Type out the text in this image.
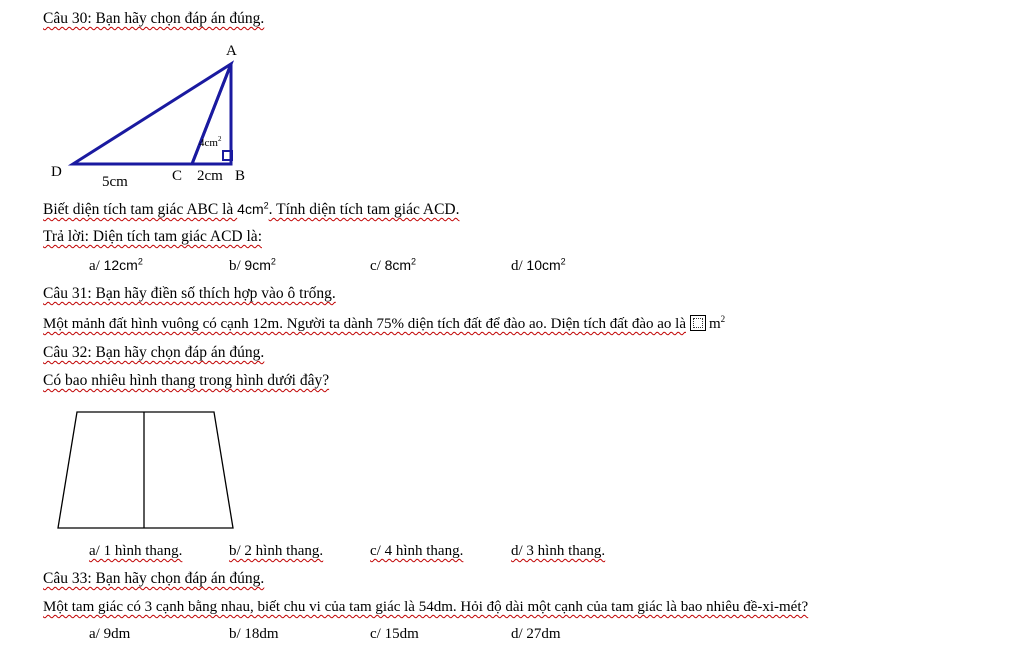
Câu 30: Bạn hãy chọn đáp án đúng.
A
D	C	B
$4cm^2$
5cm	2cm
Biết diện tích tam giác ABC là $4cm^2$. Tính diện tích tam giác ACD.
Trả lời: Diện tích tam giác ACD là:
a/ $12cm^2$	b/ $9cm^2$	c/ $8cm^2$	d/ $10cm^2$
Câu 31: Bạn hãy điền số thích hợp vào ô trống.
Một mảnh đất hình vuông có cạnh 12m. Người ta dành 75% diện tích đất để đào ao. Diện tích đất đào ao là $m^2$
Câu 32: Bạn hãy chọn đáp án đúng.
Có bao nhiêu hình thang trong hình dưới đây?
a/ 1 hình thang.	b/ 2 hình thang.	c/ 4 hình thang.	d/ 3 hình thang.
Câu 33: Bạn hãy chọn đáp án đúng.
Một tam giác có 3 cạnh bằng nhau, biết chu vi của tam giác là 54dm. Hỏi độ dài một cạnh của tam giác là bao nhiêu đề-xi-mét?
a/ 9dm	b/ 18dm	c/ 15dm	d/ 27dm
